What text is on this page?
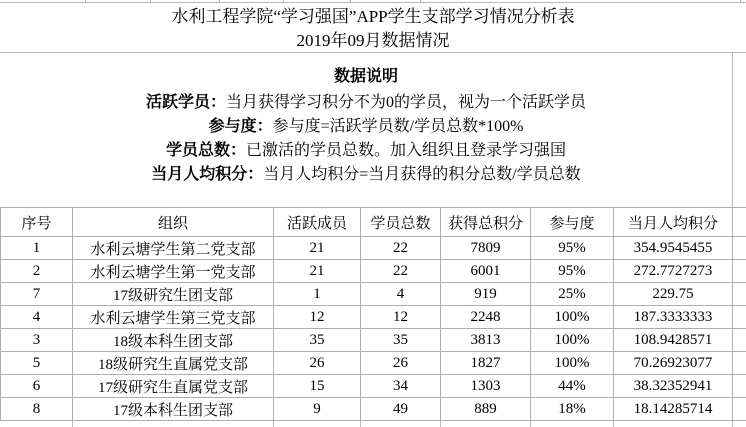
水利工程学院“学习强国”APP学生支部学习情况分析表
2019年09月数据情况
数据说明
活跃学员：当月获得学习积分不为0的学员，视为一个活跃学员
参与度：参与度=活跃学员数/学员总数*100%
学员总数：已激活的学员总数。加入组织且登录学习强国
当月人均积分：当月人均积分=当月获得的积分总数/学员总数
序号	组织	活跃成员	学员总数	获得总积分	参与度	当月人均积分	
1	水利云塘学生第二党支部	21	22	7809	95%	354.9545455	
2	水利云塘学生第一党支部	21	22	6001	95%	272.7727273	
7	17级研究生团支部	1	4	919	25%	229.75	
4	水利云塘学生第三党支部	12	12	2248	100%	187.3333333	
3	18级本科生团支部	35	35	3813	100%	108.9428571	
5	18级研究生直属党支部	26	26	1827	100%	70.26923077	
6	17级研究生直属党支部	15	34	1303	44%	38.32352941	
8	17级本科生团支部	9	49	889	18%	18.14285714	
